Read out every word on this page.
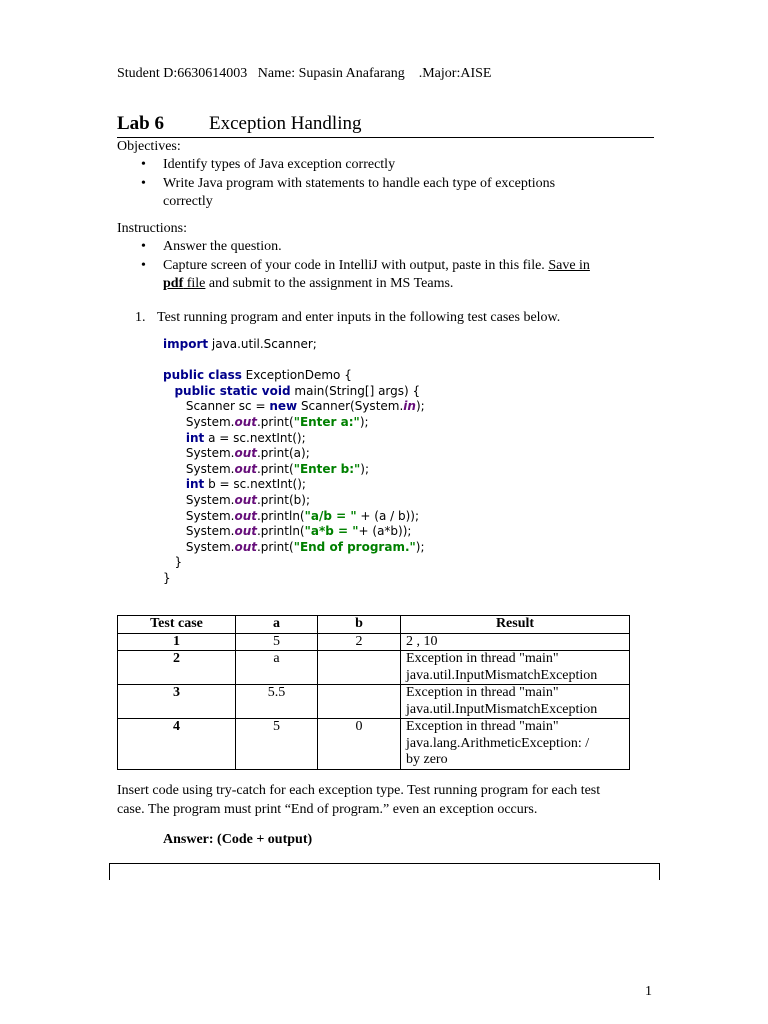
Student D:6630614003   Name: Supasin Anafarang    .Major:AISE
Lab 6 Exception Handling
Objectives:
• Identify types of Java exception correctly
• Write Java program with statements to handle each type of exceptions
correctly
Instructions:
• Answer the question.
• Capture screen of your code in IntelliJ with output, paste in this file. Save in
pdf file and submit to the assignment in MS Teams.
1. Test running program and enter inputs in the following test cases below.
import java.util.Scanner;

public class ExceptionDemo {
public static void main(String[] args) {
Scanner sc = new Scanner(System.in);
System.out.print("Enter a:");
int a = sc.nextInt();
System.out.print(a);
System.out.print("Enter b:");
int b = sc.nextInt();
System.out.print(b);
System.out.println("a/b = " + (a / b));
System.out.println("a*b = "+ (a*b));
System.out.print("End of program.");
}
}
Test case	a	b	Result
1	5	2	2 , 10
2	a		Exception in thread "main"
java.util.InputMismatchException
3	5.5		Exception in thread "main"
java.util.InputMismatchException
4	5	0	Exception in thread "main"
java.lang.ArithmeticException: /
by zero
Insert code using try-catch for each exception type. Test running program for each test
case. The program must print “End of program.” even an exception occurs.
Answer: (Code + output)
1
